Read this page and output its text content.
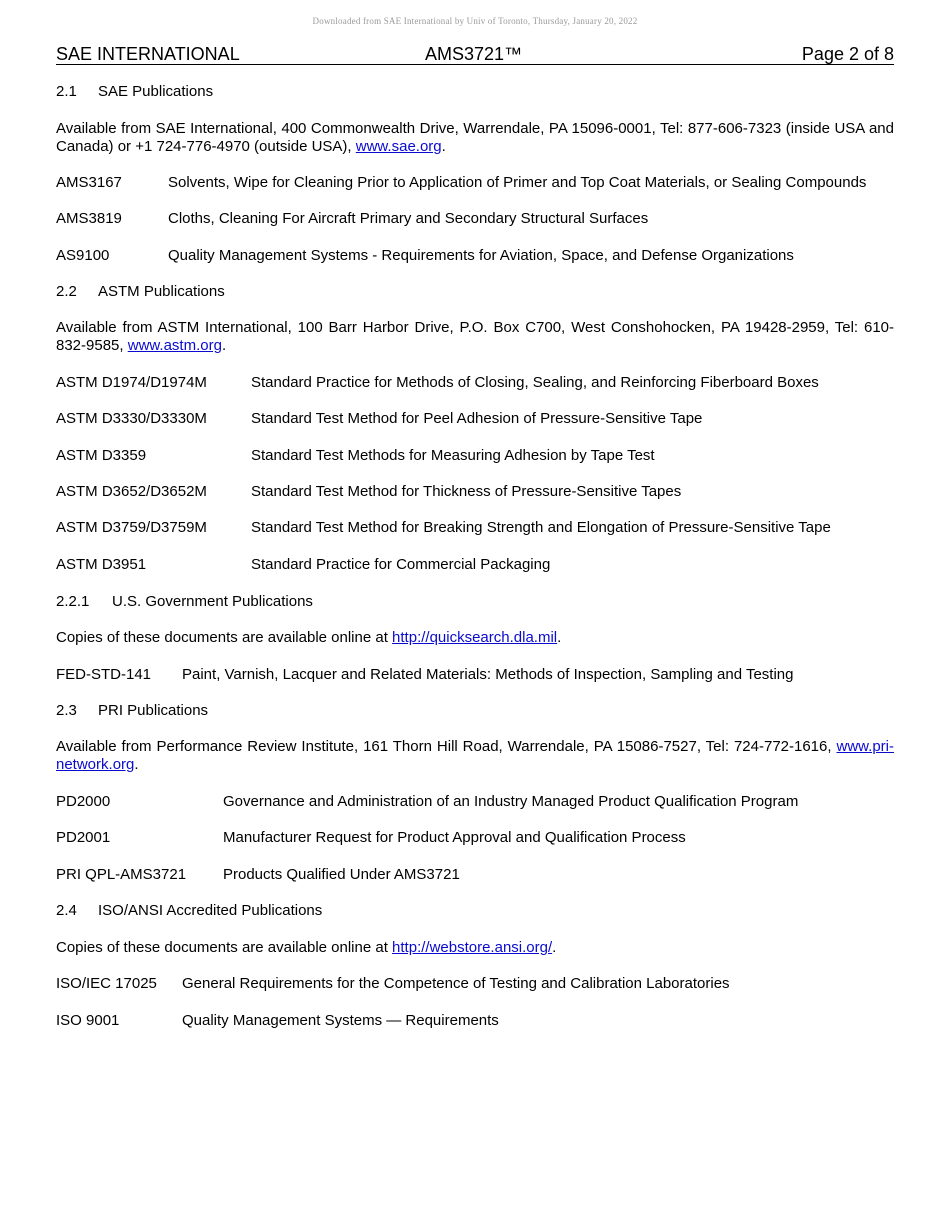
Downloaded from SAE International by Univ of Toronto, Thursday, January 20, 2022
SAE INTERNATIONAL	AMS3721™	Page 2 of 8
2.1 SAE Publications
Available from SAE International, 400 Commonwealth Drive, Warrendale, PA 15096-0001, Tel: 877-606-7323 (inside USA and Canada) or +1 724-776-4970 (outside USA), www.sae.org.
AMS3167	Solvents, Wipe for Cleaning Prior to Application of Primer and Top Coat Materials, or Sealing Compounds
AMS3819	Cloths, Cleaning For Aircraft Primary and Secondary Structural Surfaces
AS9100	Quality Management Systems - Requirements for Aviation, Space, and Defense Organizations
2.2 ASTM Publications
Available from ASTM International, 100 Barr Harbor Drive, P.O. Box C700, West Conshohocken, PA 19428-2959, Tel: 610-832-9585, www.astm.org.
ASTM D1974/D1974M	Standard Practice for Methods of Closing, Sealing, and Reinforcing Fiberboard Boxes
ASTM D3330/D3330M	Standard Test Method for Peel Adhesion of Pressure-Sensitive Tape
ASTM D3359	Standard Test Methods for Measuring Adhesion by Tape Test
ASTM D3652/D3652M	Standard Test Method for Thickness of Pressure-Sensitive Tapes
ASTM D3759/D3759M	Standard Test Method for Breaking Strength and Elongation of Pressure-Sensitive Tape
ASTM D3951	Standard Practice for Commercial Packaging
2.2.1 U.S. Government Publications
Copies of these documents are available online at http://quicksearch.dla.mil.
FED-STD-141 Paint, Varnish, Lacquer and Related Materials: Methods of Inspection, Sampling and Testing
2.3 PRI Publications
Available from Performance Review Institute, 161 Thorn Hill Road, Warrendale, PA 15086-7527, Tel: 724-772-1616, www.pri-network.org.
PD2000	Governance and Administration of an Industry Managed Product Qualification Program
PD2001	Manufacturer Request for Product Approval and Qualification Process
PRI QPL-AMS3721 Products Qualified Under AMS3721
2.4 ISO/ANSI Accredited Publications
Copies of these documents are available online at http://webstore.ansi.org/.
ISO/IEC 17025 General Requirements for the Competence of Testing and Calibration Laboratories
ISO 9001	Quality Management Systems — Requirements
